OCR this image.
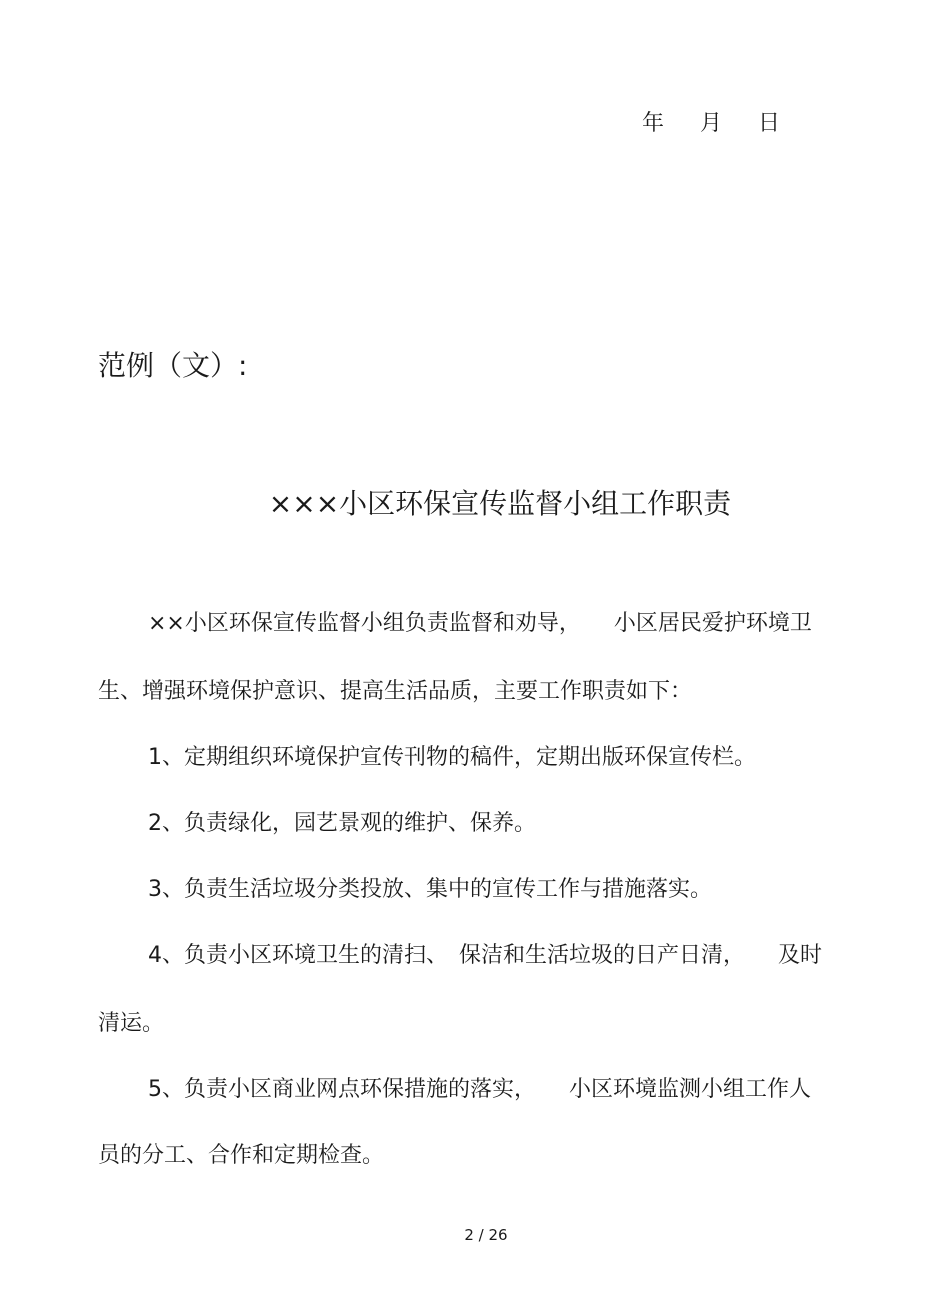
年 月 日
范例（文）:
×××小区环保宣传监督小组工作职责
××小区环保宣传监督小组负责监督和劝导，　　小区居民爱护环境卫
生、增强环境保护意识、提高生活品质，主要工作职责如下：
1、定期组织环境保护宣传刊物的稿件，定期出版环保宣传栏。
2、负责绿化，园艺景观的维护、保养。
3、负责生活垃圾分类投放、集中的宣传工作与措施落实。
4、负责小区环境卫生的清扫、　保洁和生活垃圾的日产日清，　　及时
清运。
5、负责小区商业网点环保措施的落实，　　小区环境监测小组工作人
员的分工、合作和定期检查。
2 / 26
